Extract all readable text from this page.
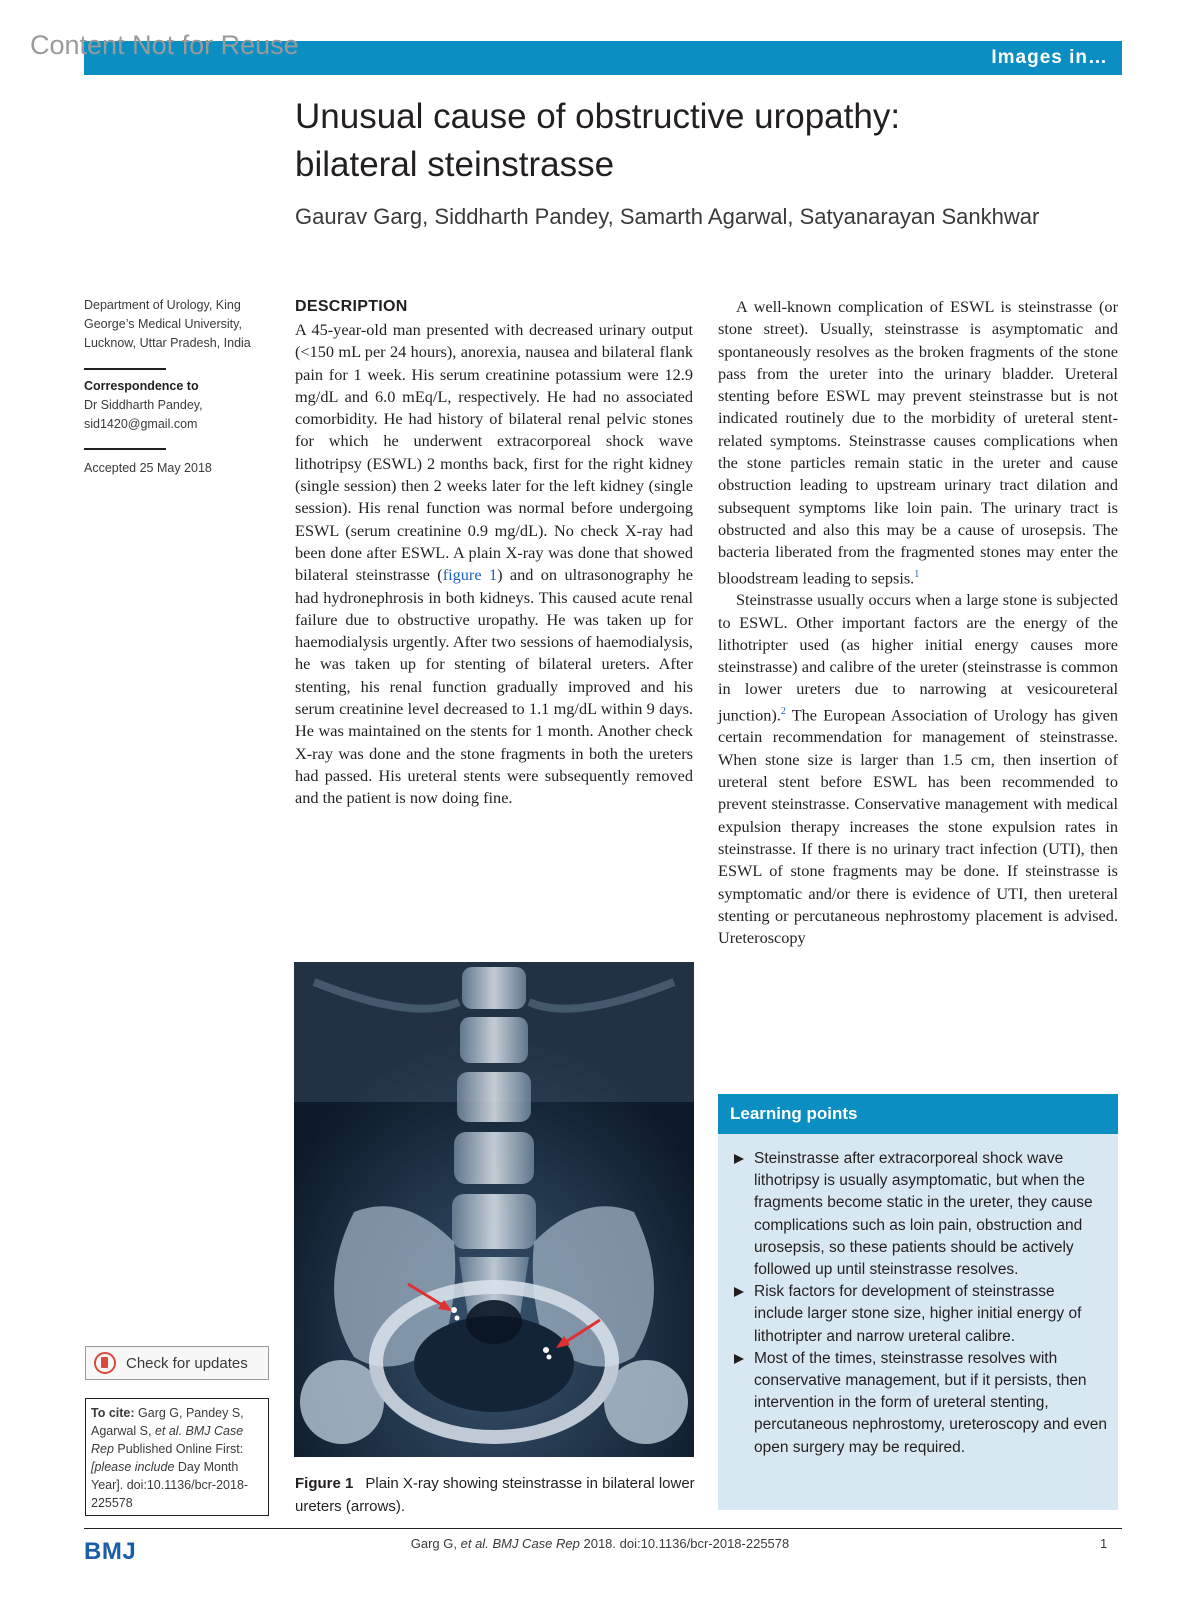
Content Not for Reuse	Images in…
Unusual cause of obstructive uropathy:
bilateral steinstrasse
Gaurav Garg, Siddharth Pandey, Samarth Agarwal, Satyanarayan Sankhwar
Department of Urology, King George’s Medical University, Lucknow, Uttar Pradesh, India
Correspondence to
Dr Siddharth Pandey,
sid1420@gmail.com
Accepted 25 May 2018
Check for updates
To cite: Garg G, Pandey S, Agarwal S, et al. BMJ Case Rep Published Online First: [please include Day Month Year]. doi:10.1136/bcr-2018-225578
DESCRIPTION

A 45-year-old man presented with decreased urinary output (<150 mL per 24 hours), anorexia, nausea and bilateral flank pain for 1 week. His serum creatinine potassium were 12.9 mg/dL and 6.0 mEq/L, respectively. He had no associated comorbidity. He had history of bilateral renal pelvic stones for which he underwent extracorporeal shock wave lithotripsy (ESWL) 2 months back, first for the right kidney (single session) then 2 weeks later for the left kidney (single session). His renal function was normal before undergoing ESWL (serum creatinine 0.9 mg/dL). No check X-ray had been done after ESWL. A plain X-ray was done that showed bilateral steinstrasse (figure 1) and on ultrasonography he had hydronephrosis in both kidneys. This caused acute renal failure due to obstructive uropathy. He was taken up for haemodialysis urgently. After two sessions of haemodialysis, he was taken up for stenting of bilateral ureters. After stenting, his renal function gradually improved and his serum creatinine level decreased to 1.1 mg/dL within 9 days. He was maintained on the stents for 1 month. Another check X-ray was done and the stone fragments in both the ureters had passed. His ureteral stents were subsequently removed and the patient is now doing fine.

Figure 1 Plain X-ray showing steinstrasse in bilateral lower ureters (arrows).

A well-known complication of ESWL is steinstrasse (or stone street). Usually, steinstrasse is asymptomatic and spontaneously resolves as the broken fragments of the stone pass from the ureter into the urinary bladder. Ureteral stenting before ESWL may prevent steinstrasse but is not indicated routinely due to the morbidity of ureteral stent-related symptoms. Steinstrasse causes complications when the stone particles remain static in the ureter and cause obstruction leading to upstream urinary tract dilation and subsequent symptoms like loin pain. The urinary tract is obstructed and also this may be a cause of urosepsis. The bacteria liberated from the fragmented stones may enter the bloodstream leading to sepsis.$^1$

Steinstrasse usually occurs when a large stone is subjected to ESWL. Other important factors are the energy of the lithotripter used (as higher initial energy causes more steinstrasse) and calibre of the ureter (steinstrasse is common in lower ureters due to narrowing at vesicoureteral junction).$^2$ The European Association of Urology has given certain recommendation for management of steinstrasse. When stone size is larger than 1.5 cm, then insertion of ureteral stent before ESWL has been recommended to prevent steinstrasse. Conservative management with medical expulsion therapy increases the stone expulsion rates in steinstrasse. If there is no urinary tract infection (UTI), then ESWL of stone fragments may be done. If steinstrasse is symptomatic and/or there is evidence of UTI, then ureteral stenting or percutaneous nephrostomy placement is advised. Ureteroscopy

Learning points
Steinstrasse after extracorporeal shock wave lithotripsy is usually asymptomatic, but when the fragments become static in the ureter, they cause complications such as loin pain, obstruction and urosepsis, so these patients should be actively followed up until steinstrasse resolves.
Risk factors for development of steinstrasse include larger stone size, higher initial energy of lithotripter and narrow ureteral calibre.
Most of the times, steinstrasse resolves with conservative management, but if it persists, then intervention in the form of ureteral stenting, percutaneous nephrostomy, ureteroscopy and even open surgery may be required.
BMJ	Garg G, et al. BMJ Case Rep 2018. doi:10.1136/bcr-2018-225578	1
